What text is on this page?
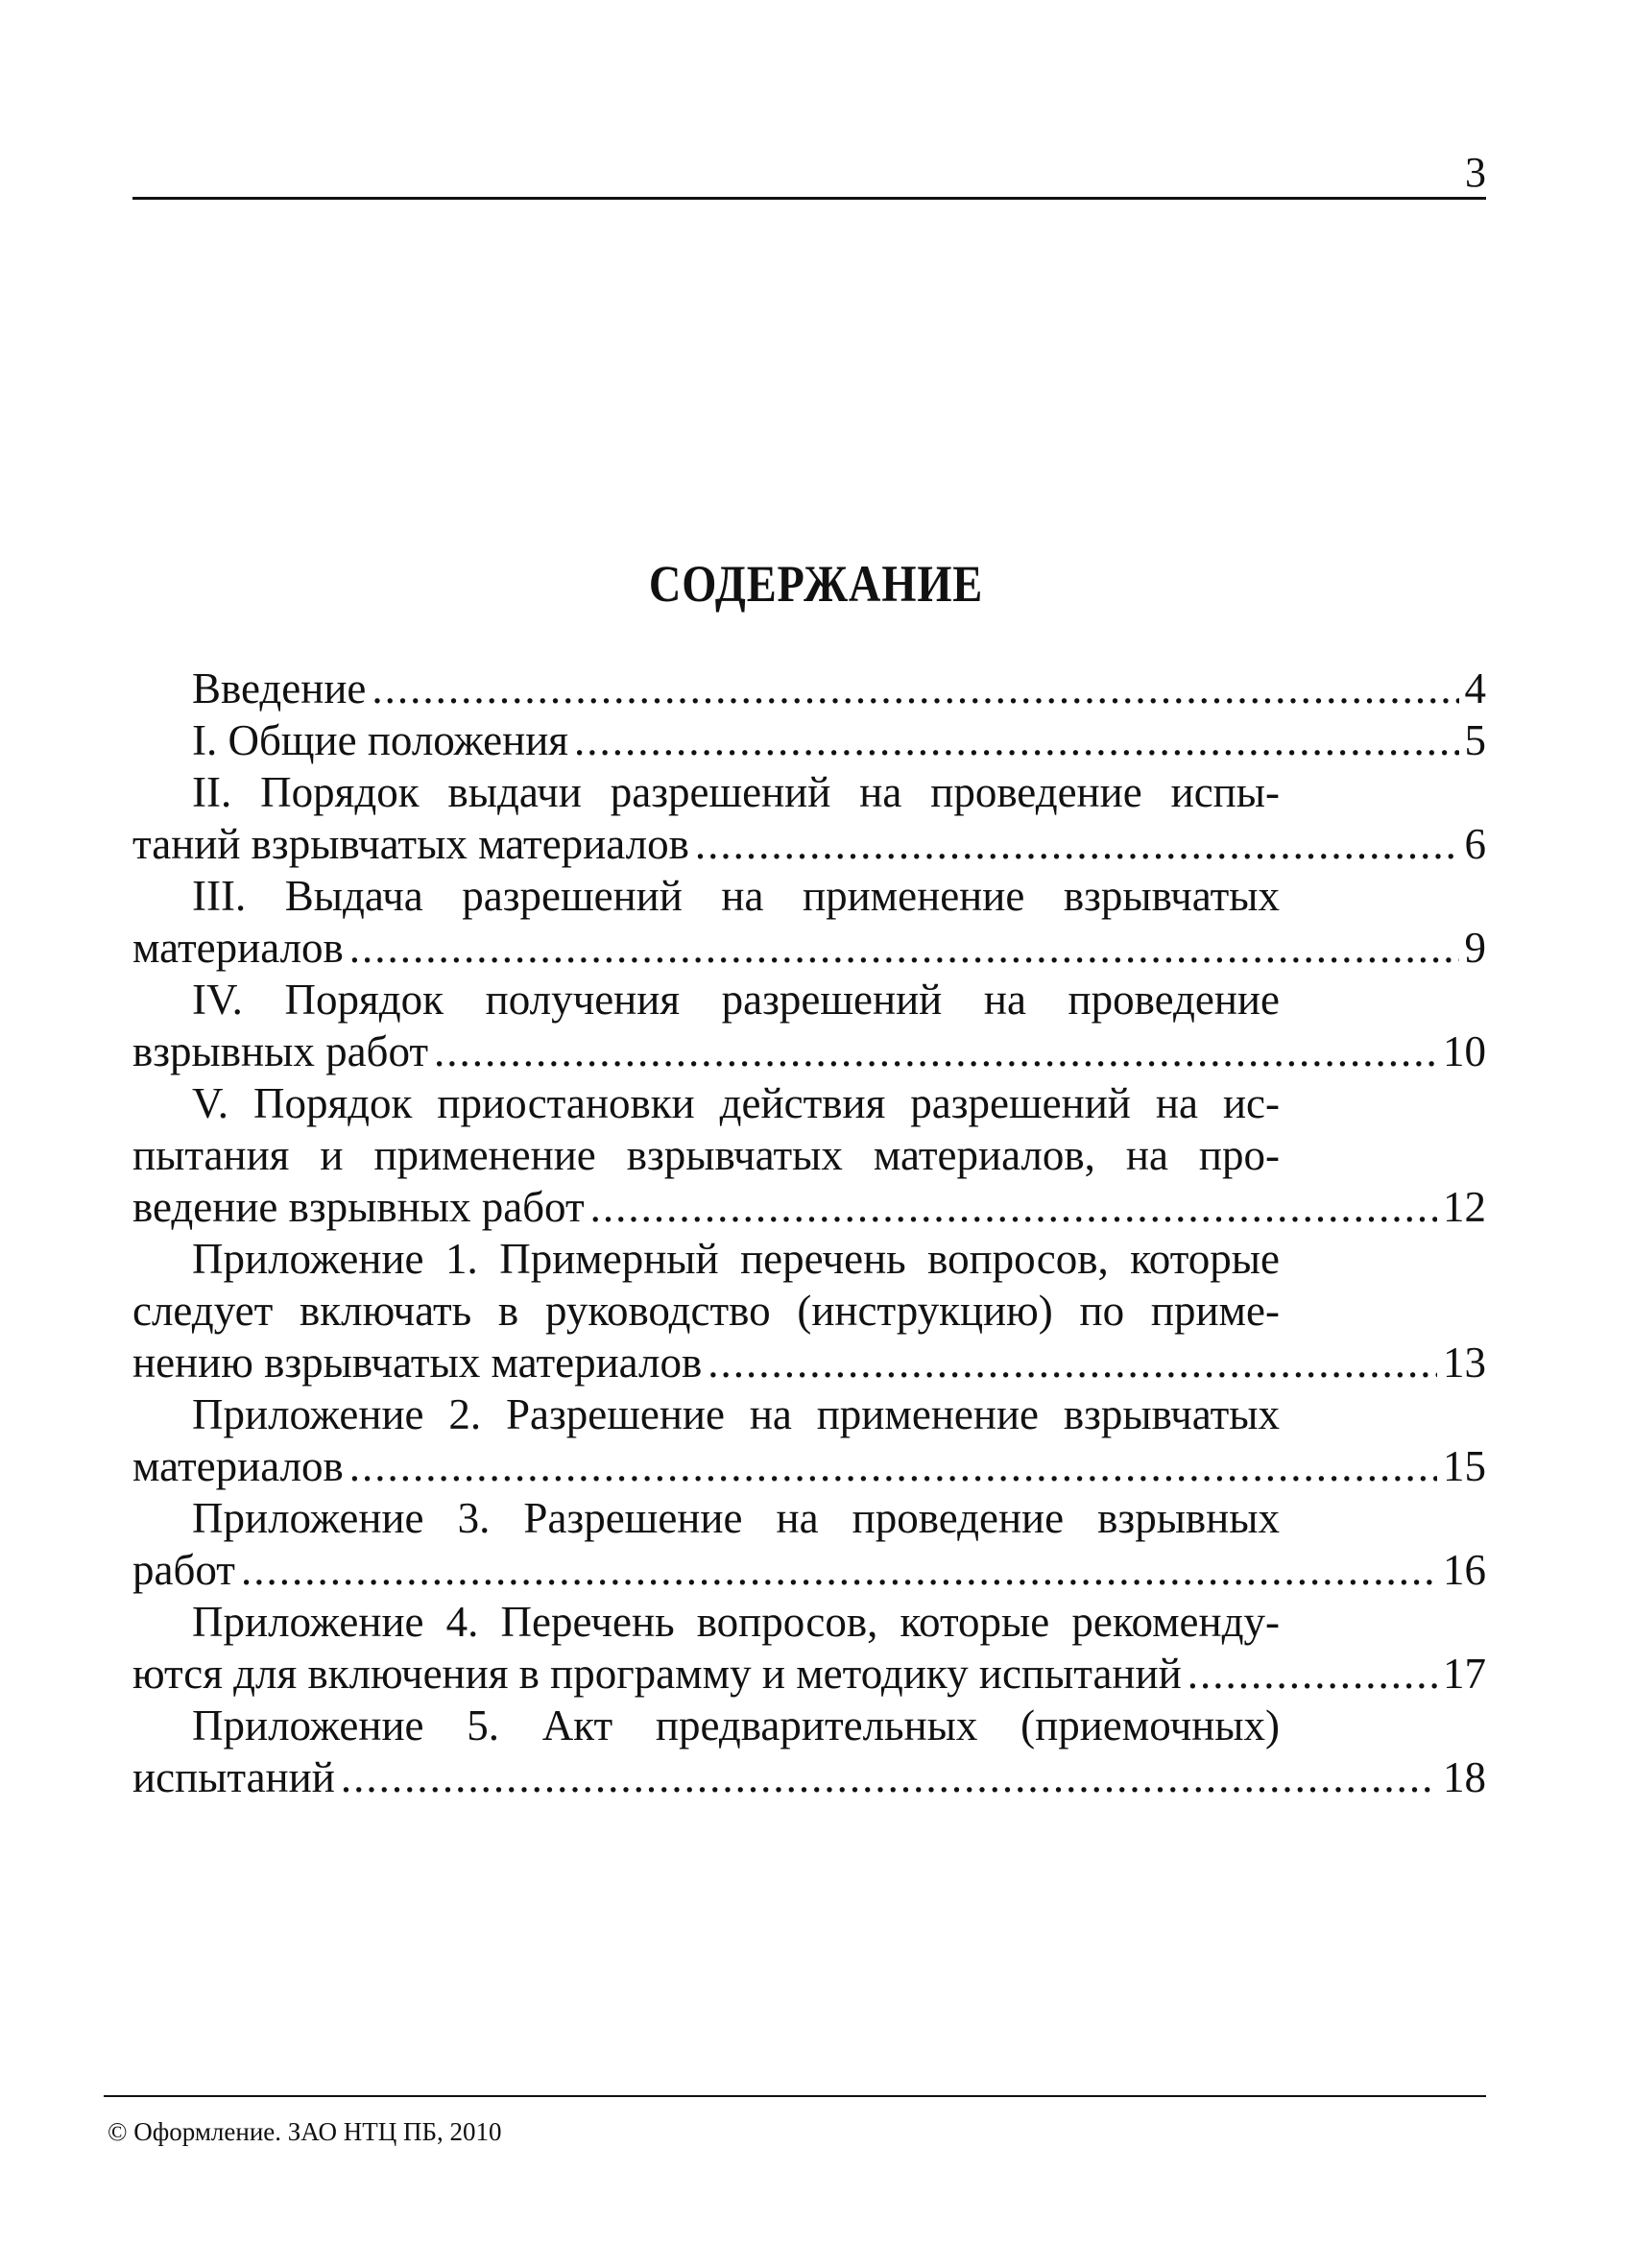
3
СОДЕРЖАНИЕ
Введение .....	4
I. Общие положения .....	5
II. Порядок выдачи разрешений на проведение испы-
таний взрывчатых материалов .....	6
III. Выдача разрешений на применение взрывчатых
материалов .....	9
IV. Порядок получения разрешений на проведение
взрывных работ .....	10
V. Порядок приостановки действия разрешений на ис-
пытания и применение взрывчатых материалов, на про-
ведение взрывных работ .....	12
Приложение 1. Примерный перечень вопросов, которые
следует включать в руководство (инструкцию) по приме-
нению взрывчатых материалов .....	13
Приложение 2. Разрешение на применение взрывчатых
материалов .....	15
Приложение 3. Разрешение на проведение взрывных
работ .....	16
Приложение 4. Перечень вопросов, которые рекоменду-
ются для включения в программу и методику испытаний .....	17
Приложение 5. Акт предварительных (приемочных)
испытаний .....	18
© Оформление. ЗАО НТЦ ПБ, 2010
